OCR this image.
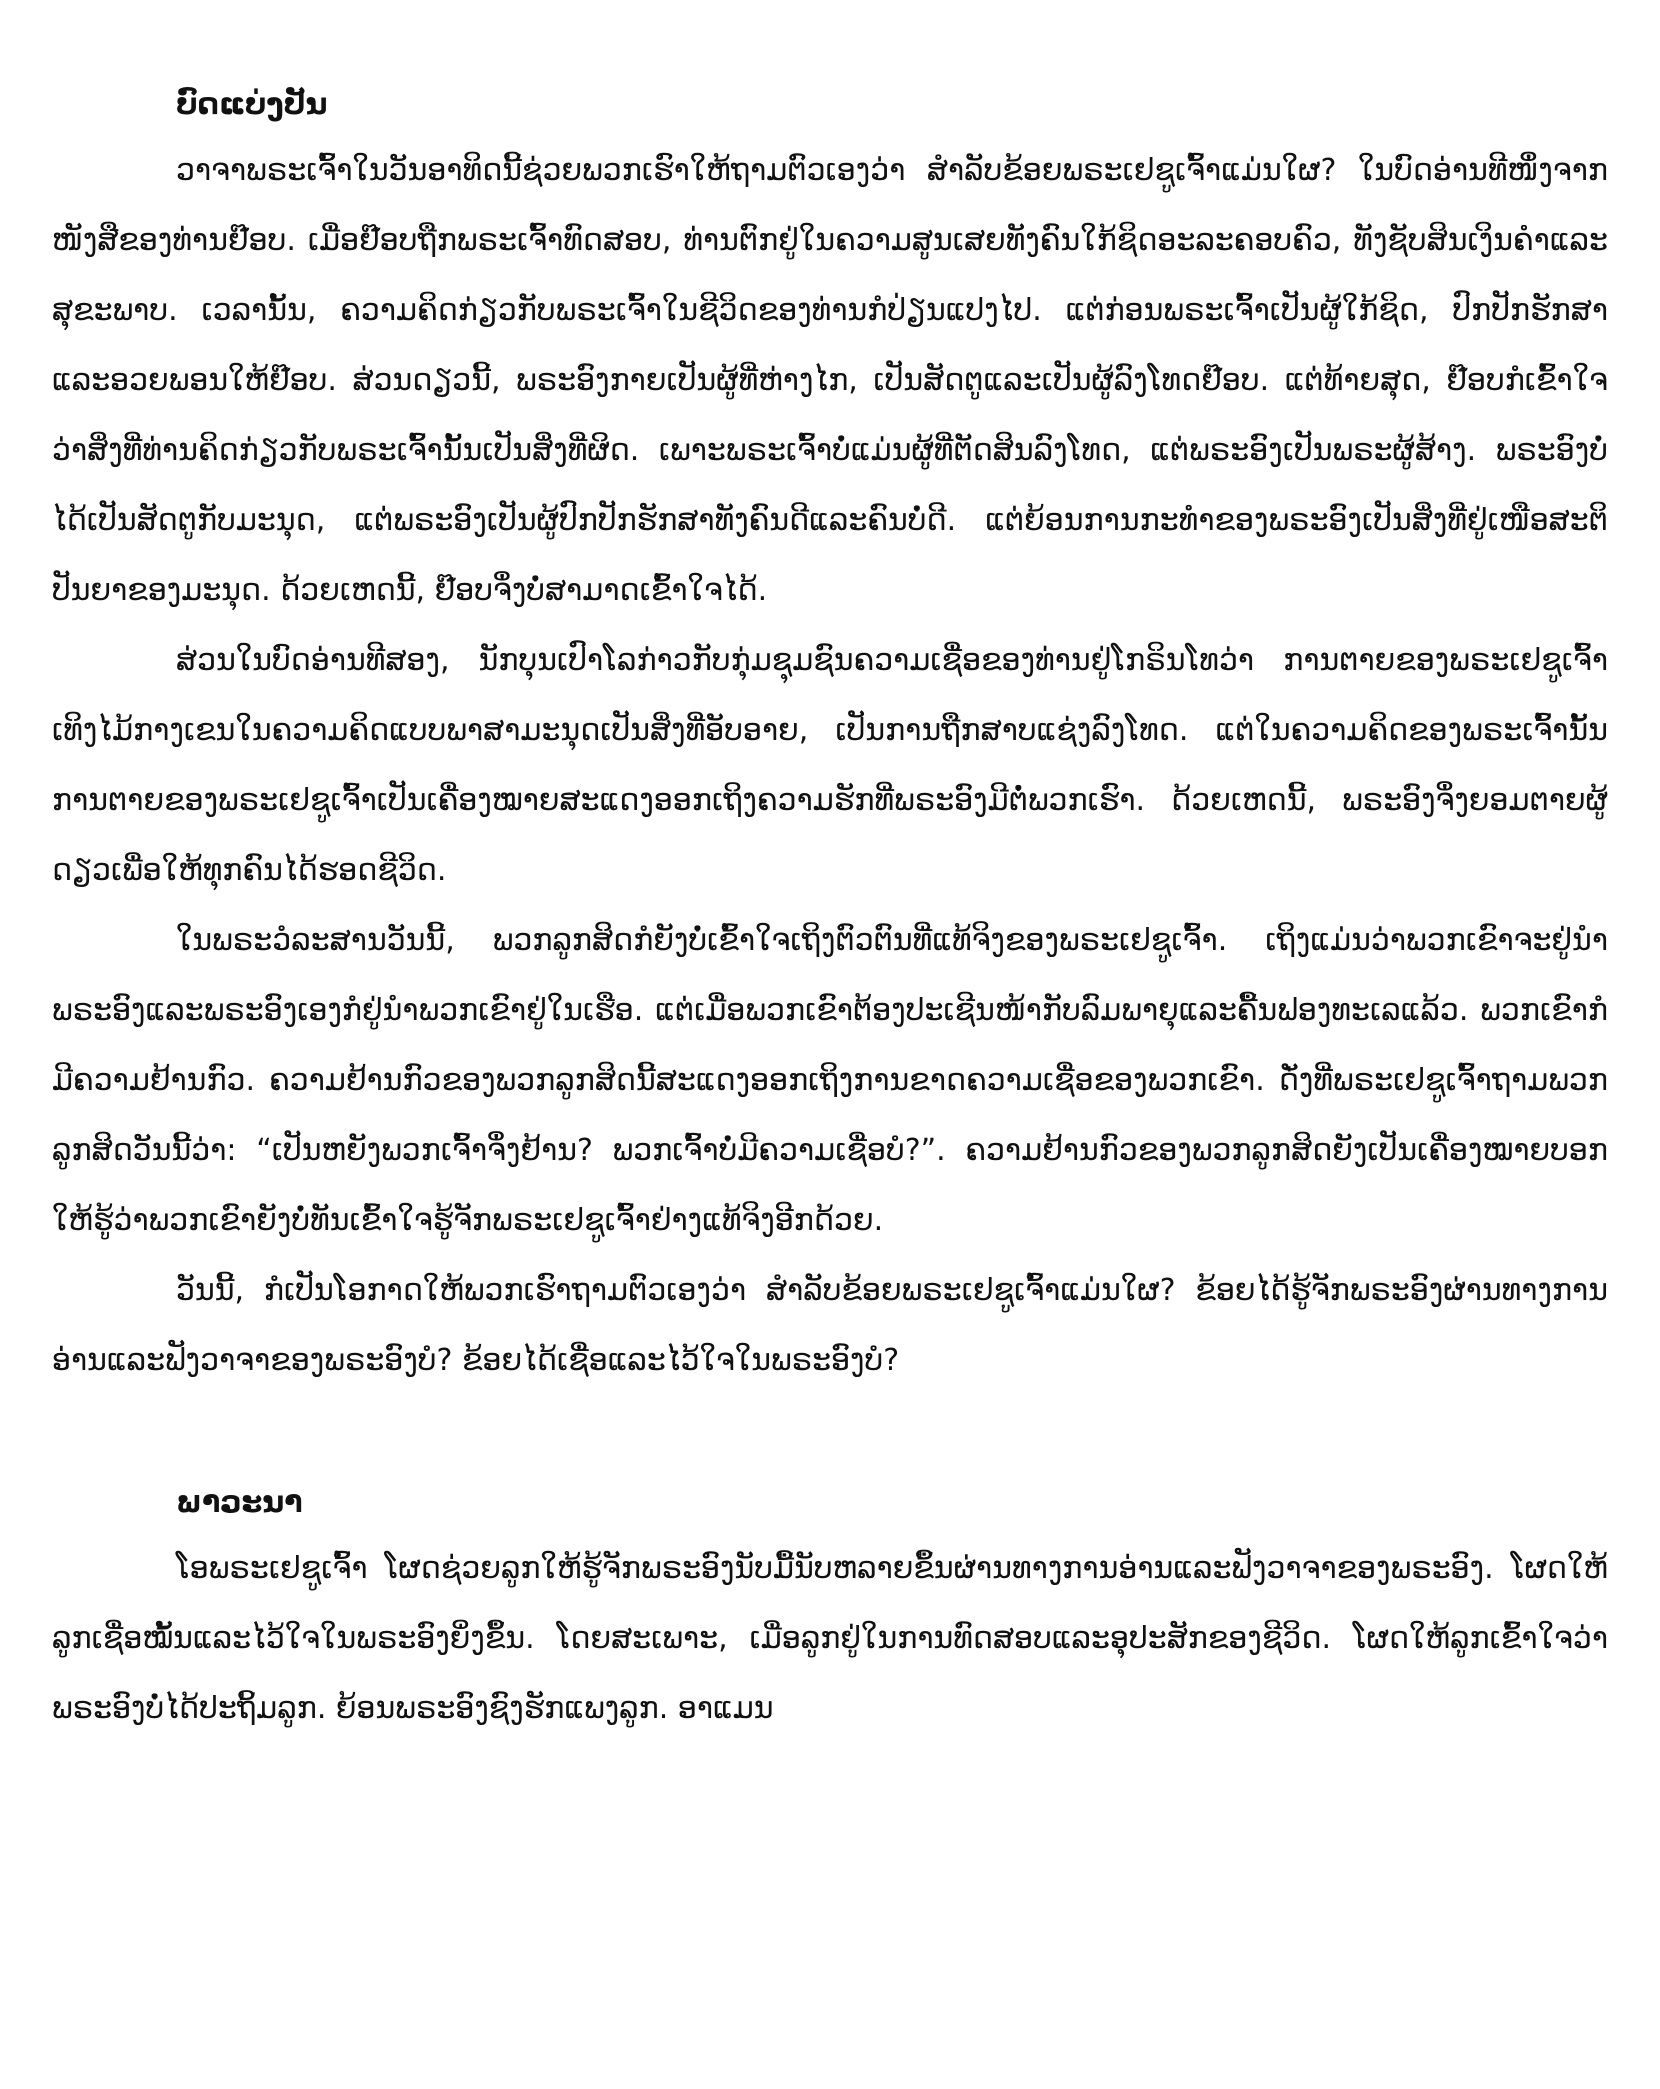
ບົດແບ່ງປັນ

ວາຈາພຣະເຈົ້າໃນວັນອາທິດນີ້ຊ່ວຍພວກເຮົາໃຫ້ຖາມຕົວເອງວ່າ ສຳລັບຂ້ອຍພຣະເຢຊູເຈົ້າແມ່ນໃຜ? ໃນບົດອ່ານທີໜຶ່ງຈາກໜັງສືຂອງທ່ານຢ໊ອບ. ເມື່ອຢ໊ອບຖືກພຣະເຈົ້າທົດສອບ, ທ່ານຕົກຢູ່ໃນຄວາມສູນເສຍທັງຄົນໃກ້ຊິດອະລະຄອບຄົວ, ທັງຊັບສິນເງິນຄຳແລະສຸຂະພາບ. ເວລານັ້ນ, ຄວາມຄິດກ່ຽວກັບພຣະເຈົ້າໃນຊີວິດຂອງທ່ານກໍປ່ຽນແປງໄປ. ແຕ່ກ່ອນພຣະເຈົ້າເປັນຜູ້ໃກ້ຊິດ, ປົກປັກຮັກສາແລະອວຍພອນໃຫ້ຢ໊ອບ. ສ່ວນດຽວນີ້, ພຣະອົງກາຍເປັນຜູ້ທີ່ຫ່າງໄກ, ເປັນສັດຕູແລະເປັນຜູ້ລົງໂທດຢ໊ອບ. ແຕ່ທ້າຍສຸດ, ຢ໊ອບກໍເຂົ້າໃຈວ່າສິ່ງທີ່ທ່ານຄິດກ່ຽວກັບພຣະເຈົ້ານັ້ນເປັນສິ່ງທີ່ຜິດ. ເພາະພຣະເຈົ້າບໍ່ແມ່ນຜູ້ທີ່ຕັດສິນລົງໂທດ, ແຕ່ພຣະອົງເປັນພຣະຜູ້ສ້າງ. ພຣະອົງບໍ່ໄດ້ເປັນສັດຕູກັບມະນຸດ, ແຕ່ພຣະອົງເປັນຜູ້ປົກປັກຮັກສາທັງຄົນດີແລະຄົນບໍ່ດີ. ແຕ່ຍ້ອນການກະທຳຂອງພຣະອົງເປັນສິ່ງທີ່ຢູ່ເໜືອສະຕິປັນຍາຂອງມະນຸດ. ດ້ວຍເຫດນີ້, ຢ໊ອບຈຶ່ງບໍ່ສາມາດເຂົ້າໃຈໄດ້.

ສ່ວນໃນບົດອ່ານທີສອງ, ນັກບຸນເປົາໂລກ່າວກັບກຸ່ມຊຸມຊົນຄວາມເຊື່ອຂອງທ່ານຢູ່ໂກຣິນໂທວ່າ ການຕາຍຂອງພຣະເຢຊູເຈົ້າເທິງໄມ້ກາງເຂນໃນຄວາມຄິດແບບພາສາມະນຸດເປັນສິ່ງທີ່ອັບອາຍ, ເປັນການຖືກສາບແຊ່ງລົງໂທດ. ແຕ່ໃນຄວາມຄິດຂອງພຣະເຈົ້ານັ້ນການຕາຍຂອງພຣະເຢຊູເຈົ້າເປັນເຄື່ອງໝາຍສະແດງອອກເຖິງຄວາມຮັກທີ່ພຣະອົງມີຕໍ່ພວກເຮົາ. ດ້ວຍເຫດນີ້, ພຣະອົງຈຶ່ງຍອມຕາຍຜູ້ດຽວເພື່ອໃຫ້ທຸກຄົນໄດ້ຮອດຊີວິດ.

ໃນພຣະວໍລະສານວັນນີ້, ພວກລູກສິດກໍຍັງບໍ່ເຂົ້າໃຈເຖິງຕົວຕົນທີ່ແທ້ຈິງຂອງພຣະເຢຊູເຈົ້າ. ເຖິງແມ່ນວ່າພວກເຂົາຈະຢູ່ນຳພຣະອົງແລະພຣະອົງເອງກໍຢູ່ນຳພວກເຂົາຢູ່ໃນເຮືອ. ແຕ່ເມື່ອພວກເຂົາຕ້ອງປະເຊີນໜ້າກັບລົມພາຍຸແລະຄື້ນຟອງທະເລແລ້ວ. ພວກເຂົາກໍມີຄວາມຢ້ານກົວ. ຄວາມຢ້ານກົວຂອງພວກລູກສິດນີ້ສະແດງອອກເຖິງການຂາດຄວາມເຊື່ອຂອງພວກເຂົາ. ດັ່ງທີ່ພຣະເຢຊູເຈົ້າຖາມພວກລູກສິດວັນນີ້ວ່າ: “ເປັນຫຍັງພວກເຈົ້າຈຶ່ງຢ້ານ? ພວກເຈົ້າບໍ່ມີຄວາມເຊື່ອບໍ?”. ຄວາມຢ້ານກົວຂອງພວກລູກສິດຍັງເປັນເຄື່ອງໝາຍບອກໃຫ້ຮູ້ວ່າພວກເຂົາຍັງບໍ່ທັນເຂົ້າໃຈຮູ້ຈັກພຣະເຢຊູເຈົ້າຢ່າງແທ້ຈິງອີກດ້ວຍ.

ວັນນີ້, ກໍເປັນໂອກາດໃຫ້ພວກເຮົາຖາມຕົວເອງວ່າ ສຳລັບຂ້ອຍພຣະເຢຊູເຈົ້າແມ່ນໃຜ? ຂ້ອຍໄດ້ຮູ້ຈັກພຣະອົງຜ່ານທາງການອ່ານແລະຟັງວາຈາຂອງພຣະອົງບໍ? ຂ້ອຍໄດ້ເຊື່ອແລະໄວ້ໃຈໃນພຣະອົງບໍ?

ພາວະນາ

ໂອພຣະເຢຊູເຈົ້າ ໂຜດຊ່ວຍລູກໃຫ້ຮູ້ຈັກພຣະອົງນັບມື້ນັບຫລາຍຂຶ້ນຜ່ານທາງການອ່ານແລະຟັງວາຈາຂອງພຣະອົງ. ໂຜດໃຫ້ລູກເຊື່ອໝັ້ນແລະໄວ້ໃຈໃນພຣະອົງຍິ່ງຂຶ້ນ. ໂດຍສະເພາະ, ເມື່ອລູກຢູ່ໃນການທົດສອບແລະອຸປະສັກຂອງຊີວິດ. ໂຜດໃຫ້ລູກເຂົ້າໃຈວ່າພຣະອົງບໍ່ໄດ້ປະຖິ້ມລູກ. ຍ້ອນພຣະອົງຊົງຮັກແພງລູກ. ອາແມນ
